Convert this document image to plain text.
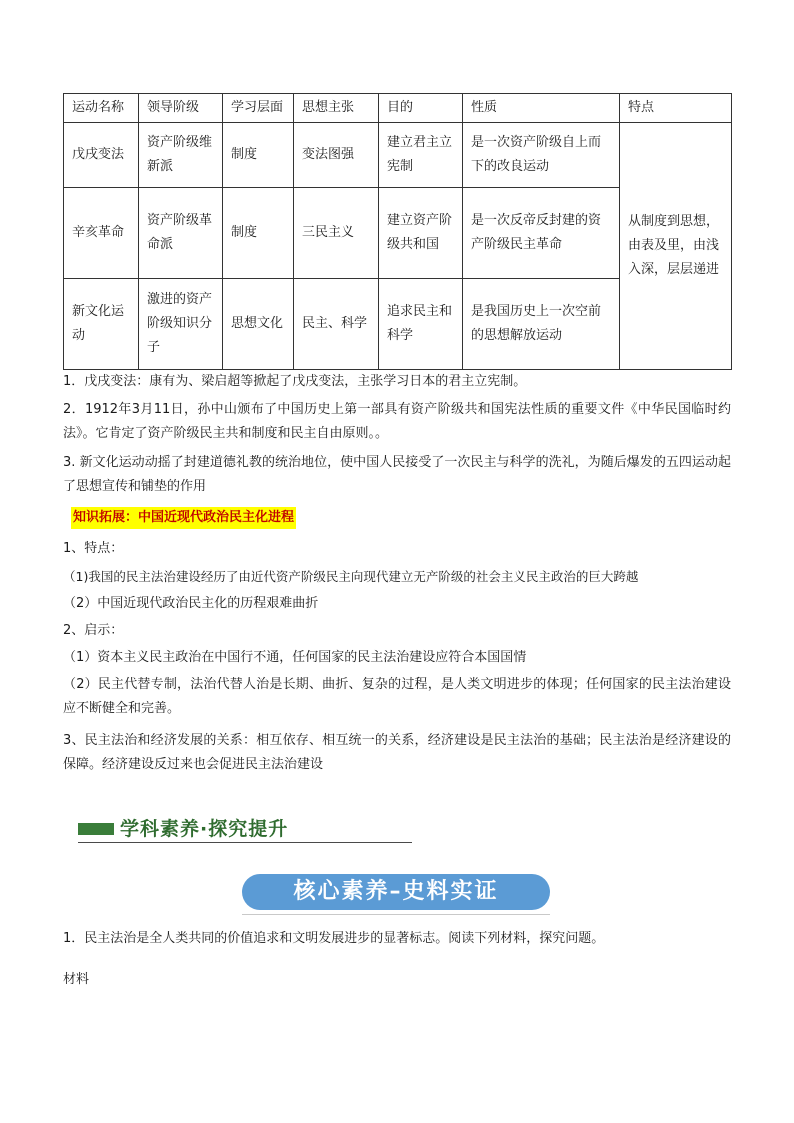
运动名称	领导阶级	学习层面	思想主张	目的	性质	特点
戊戌变法	资产阶级维新派	制度	变法图强	建立君主立宪制	是一次资产阶级自上而下的改良运动	从制度到思想，由表及里，由浅入深，层层递进
辛亥革命	资产阶级革命派	制度	三民主义	建立资产阶级共和国	是一次反帝反封建的资产阶级民主革命	
新文化运动	激进的资产阶级知识分子	思想文化	民主、科学	追求民主和科学	是我国历史上一次空前的思想解放运动	

1．戊戌变法：康有为、梁启超等掀起了戊戌变法，主张学习日本的君主立宪制。

2．1912年3月11日，孙中山颁布了中国历史上第一部具有资产阶级共和国宪法性质的重要文件《中华民国临时约法》。它肯定了资产阶级民主共和制度和民主自由原则。。

3. 新文化运动动摇了封建道德礼教的统治地位，使中国人民接受了一次民主与科学的洗礼，为随后爆发的五四运动起了思想宣传和铺垫的作用

知识拓展：中国近现代政治民主化进程

1、特点：

（1)我国的民主法治建设经历了由近代资产阶级民主向现代建立无产阶级的社会主义民主政治的巨大跨越

（2）中国近现代政治民主化的历程艰难曲折

2、启示：

（1）资本主义民主政治在中国行不通，任何国家的民主法治建设应符合本国国情

（2）民主代替专制，法治代替人治是长期、曲折、复杂的过程，是人类文明进步的体现；任何国家的民主法治建设应不断健全和完善。

3、民主法治和经济发展的关系：相互依存、相互统一的关系，经济建设是民主法治的基础；民主法治是经济建设的保障。经济建设反过来也会促进民主法治建设

学科素养·探究提升
核心素养–史料实证

1．民主法治是全人类共同的价值追求和文明发展进步的显著标志。阅读下列材料，探究问题。

材料
